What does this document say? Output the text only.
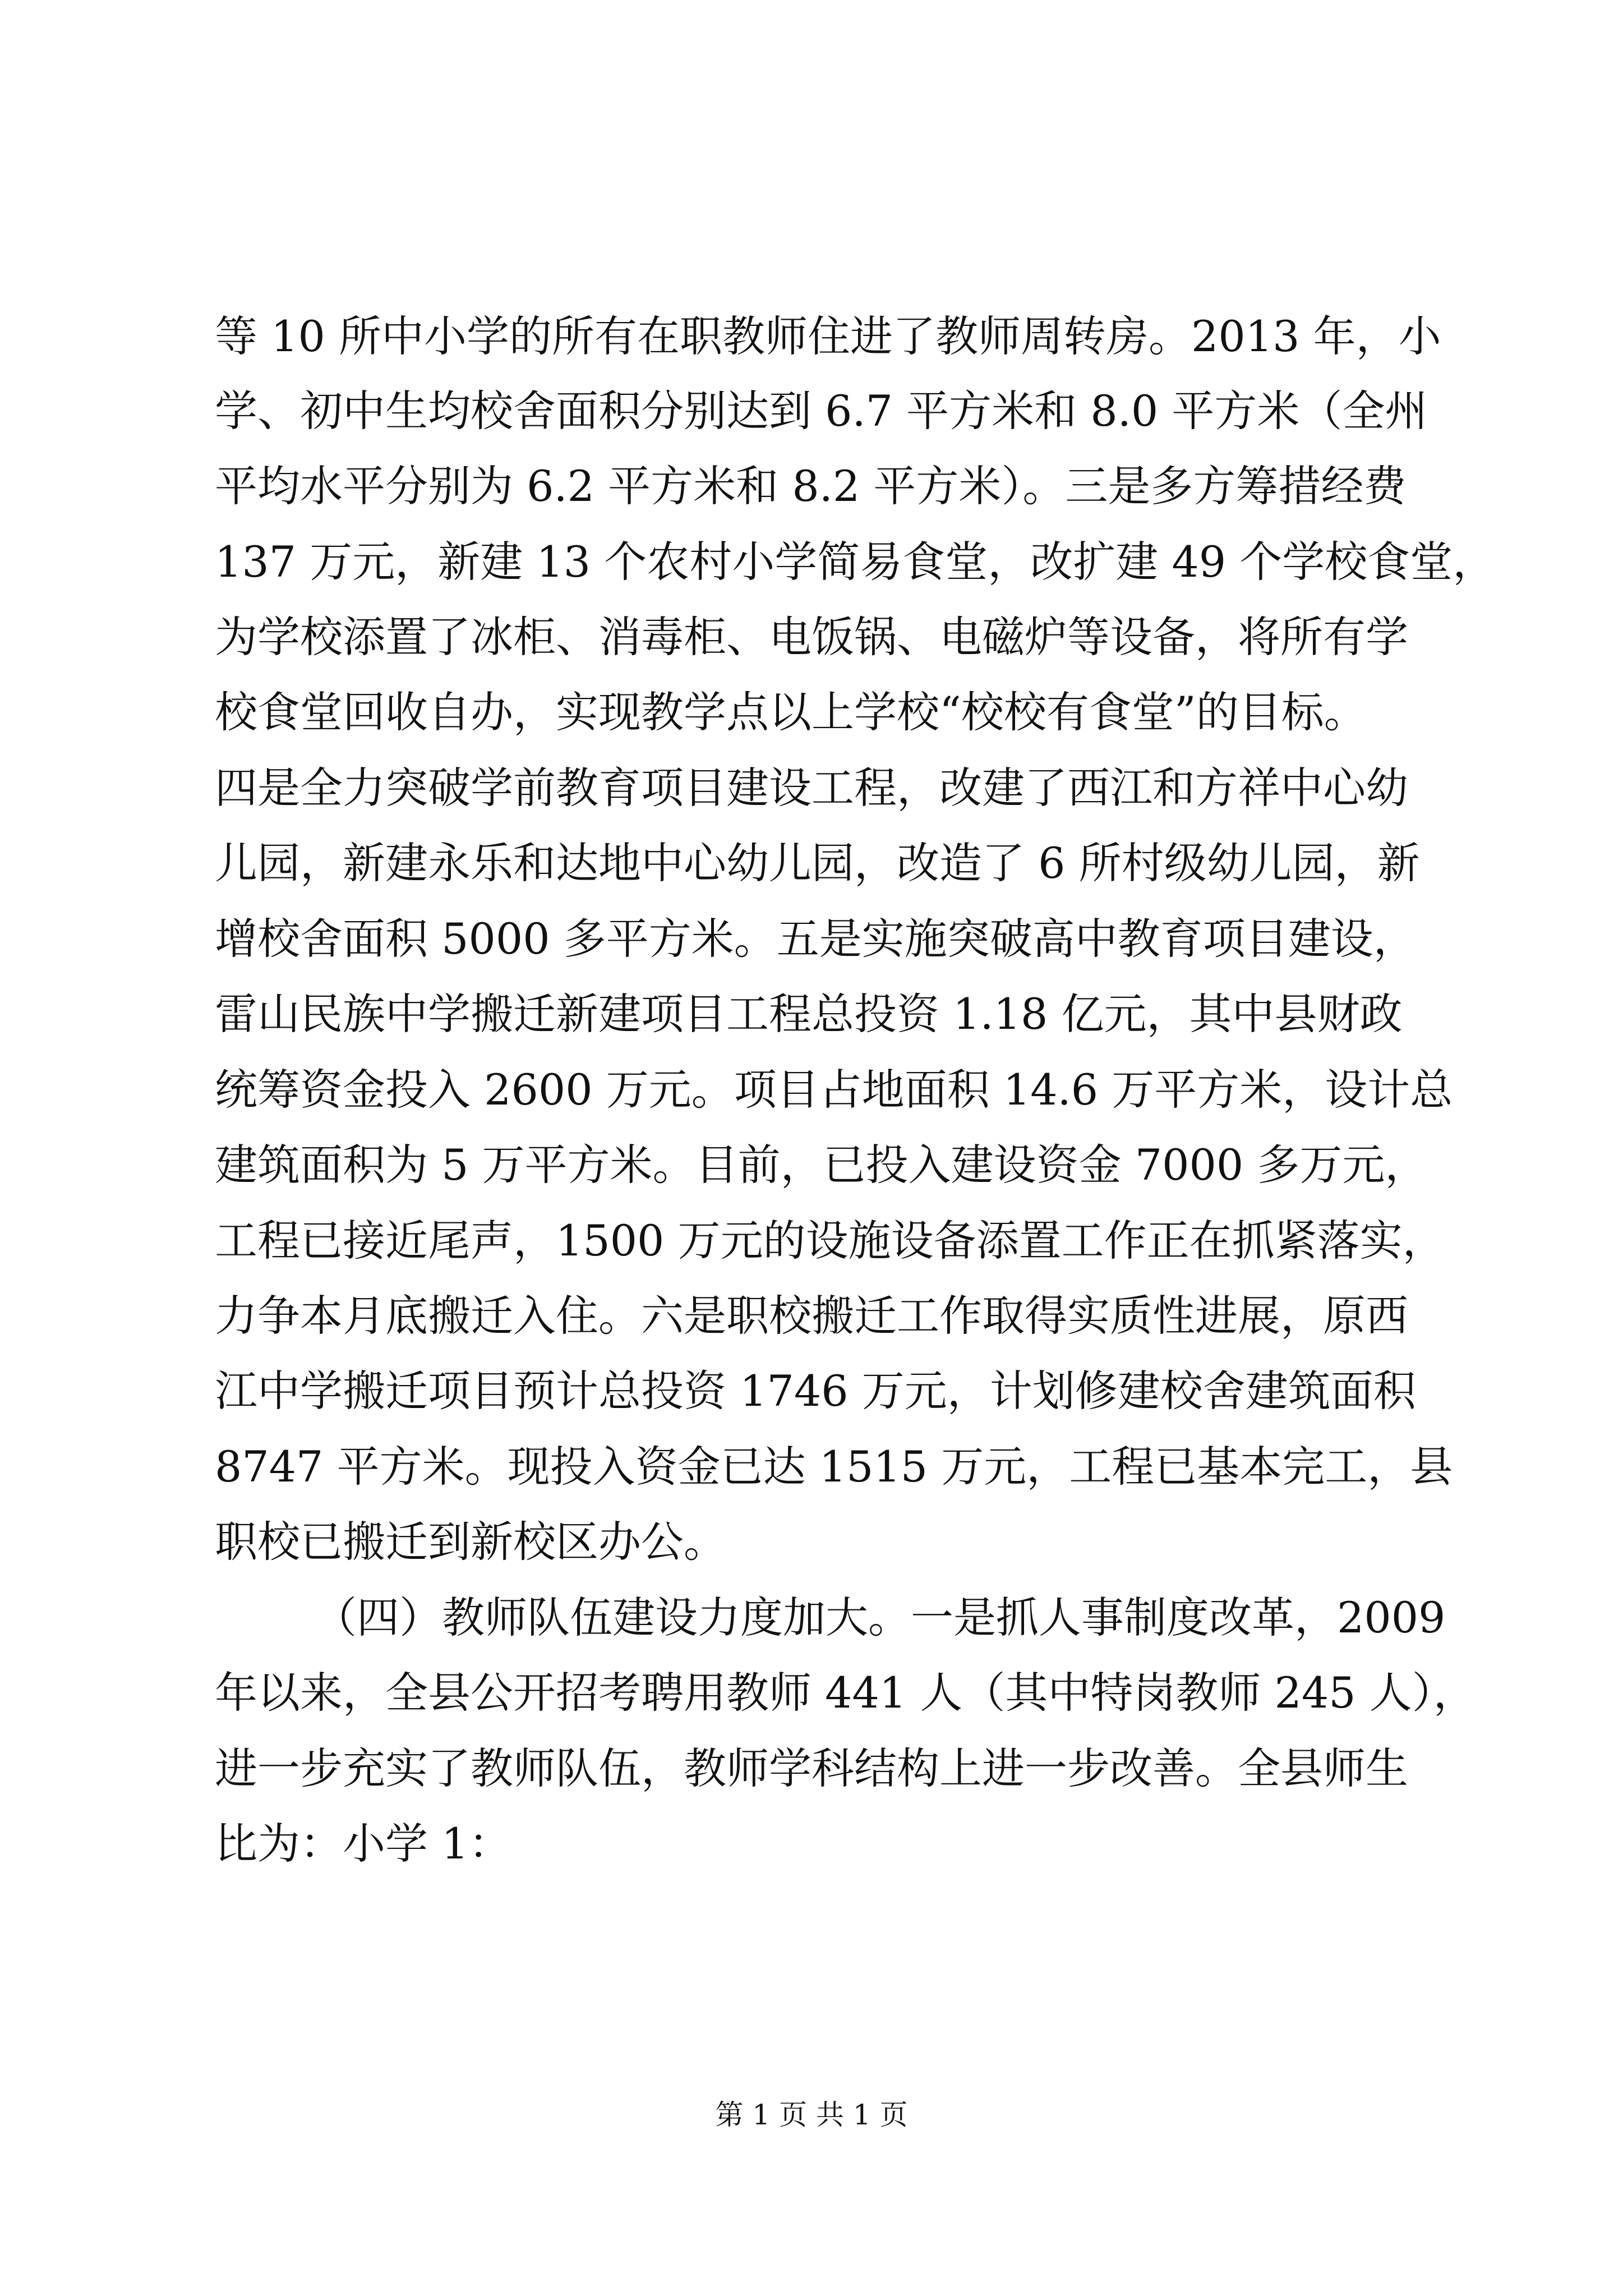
等 10 所中小学的所有在职教师住进了教师周转房。2013 年，小
学、初中生均校舍面积分别达到 6.7 平方米和 8.0 平方米（全州
平均水平分别为 6.2 平方米和 8.2 平方米）。三是多方筹措经费
137 万元，新建 13 个农村小学简易食堂，改扩建 49 个学校食堂，
为学校添置了冰柜、消毒柜、电饭锅、电磁炉等设备，将所有学
校食堂回收自办，实现教学点以上学校“校校有食堂”的目标。
四是全力突破学前教育项目建设工程，改建了西江和方祥中心幼
儿园，新建永乐和达地中心幼儿园，改造了 6 所村级幼儿园，新
增校舍面积 5000 多平方米。五是实施突破高中教育项目建设，
雷山民族中学搬迁新建项目工程总投资 1.18 亿元，其中县财政
统筹资金投入 2600 万元。项目占地面积 14.6 万平方米，设计总
建筑面积为 5 万平方米。目前，已投入建设资金 7000 多万元，
工程已接近尾声，1500 万元的设施设备添置工作正在抓紧落实，
力争本月底搬迁入住。六是职校搬迁工作取得实质性进展，原西
江中学搬迁项目预计总投资 1746 万元，计划修建校舍建筑面积
8747 平方米。现投入资金已达 1515 万元，工程已基本完工，县
职校已搬迁到新校区办公。
（四）教师队伍建设力度加大。一是抓人事制度改革，2009
年以来，全县公开招考聘用教师 441 人（其中特岗教师 245 人），
进一步充实了教师队伍，教师学科结构上进一步改善。全县师生
比为：小学 1：
第 1 页 共 1 页
